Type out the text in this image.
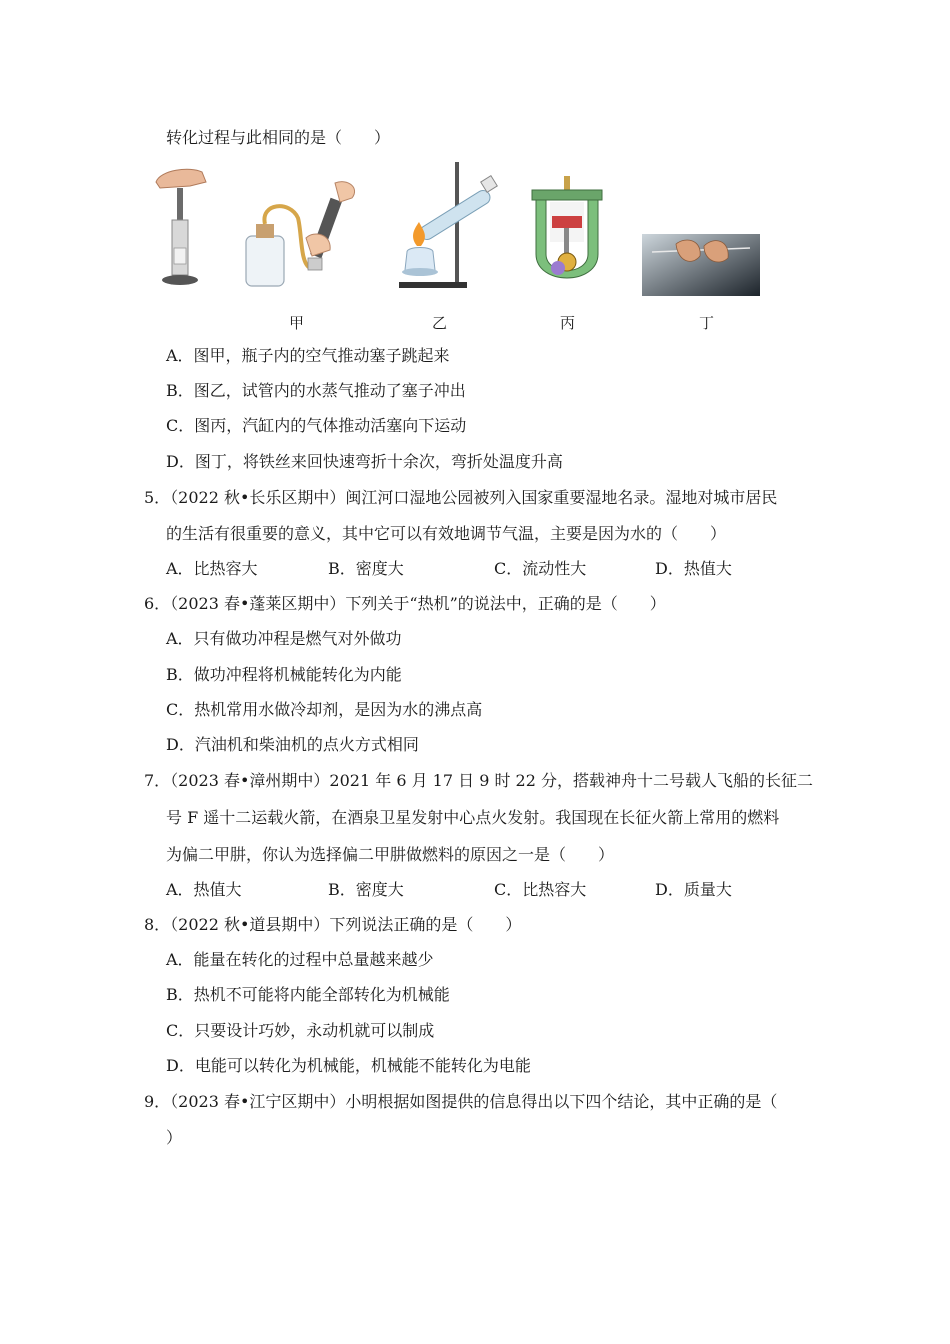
转化过程与此相同的是（　　）
甲	乙	丙	丁
A．图甲，瓶子内的空气推动塞子跳起来
B．图乙，试管内的水蒸气推动了塞子冲出
C．图丙，汽缸内的气体推动活塞向下运动
D．图丁，将铁丝来回快速弯折十余次，弯折处温度升高
5．（2022 秋•长乐区期中）闽江河口湿地公园被列入国家重要湿地名录。湿地对城市居民
的生活有很重要的意义，其中它可以有效地调节气温，主要是因为水的（　　）
A．比热容大	B．密度大	C．流动性大	D．热值大
6．（2023 春•蓬莱区期中）下列关于“热机”的说法中，正确的是（　　）
A．只有做功冲程是燃气对外做功
B．做功冲程将机械能转化为内能
C．热机常用水做冷却剂，是因为水的沸点高
D．汽油机和柴油机的点火方式相同
7．（2023 春•漳州期中）2021 年 6 月 17 日 9 时 22 分，搭载神舟十二号载人飞船的长征二
号 F 遥十二运载火箭，在酒泉卫星发射中心点火发射。我国现在长征火箭上常用的燃料
为偏二甲肼，你认为选择偏二甲肼做燃料的原因之一是（　　）
A．热值大	B．密度大	C．比热容大	D．质量大
8．（2022 秋•道县期中）下列说法正确的是（　　）
A．能量在转化的过程中总量越来越少
B．热机不可能将内能全部转化为机械能
C．只要设计巧妙，永动机就可以制成
D．电能可以转化为机械能，机械能不能转化为电能
9．（2023 春•江宁区期中）小明根据如图提供的信息得出以下四个结论，其中正确的是（
）
